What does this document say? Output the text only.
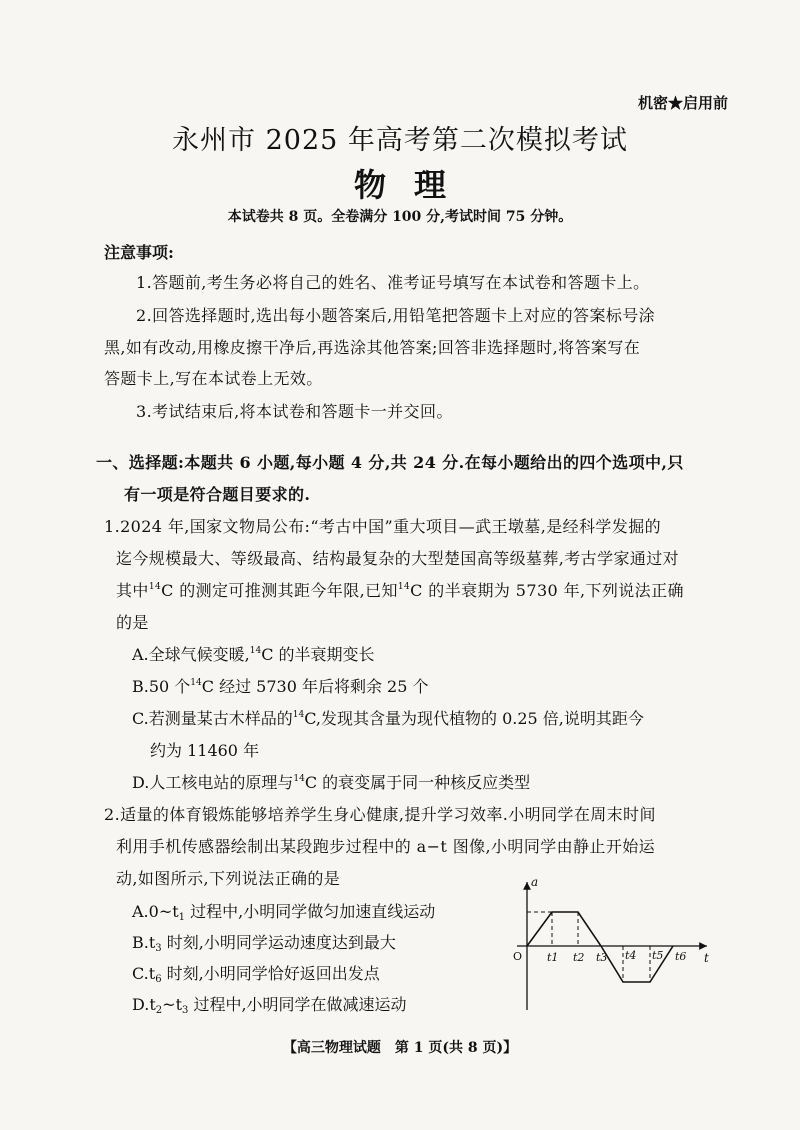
机密★启用前
永州市 2025 年高考第二次模拟考试
物理
本试卷共 8 页。全卷满分 100 分,考试时间 75 分钟。
注意事项:
1.答题前,考生务必将自己的姓名、准考证号填写在本试卷和答题卡上。
2.回答选择题时,选出每小题答案后,用铅笔把答题卡上对应的答案标号涂
黑,如有改动,用橡皮擦干净后,再选涂其他答案;回答非选择题时,将答案写在
答题卡上,写在本试卷上无效。
3.考试结束后,将本试卷和答题卡一并交回。
一、选择题:本题共 6 小题,每小题 4 分,共 24 分.在每小题给出的四个选项中,只
有一项是符合题目要求的.
1.2024 年,国家文物局公布:“考古中国”重大项目—武王墩墓,是经科学发掘的
迄今规模最大、等级最高、结构最复杂的大型楚国高等级墓葬,考古学家通过对
其中$^{14}$C 的测定可推测其距今年限,已知$^{14}$C 的半衰期为 5730 年,下列说法正确
的是
A.全球气候变暖,$^{14}$C 的半衰期变长
B.50 个$^{14}$C 经过 5730 年后将剩余 25 个
C.若测量某古木样品的$^{14}$C,发现其含量为现代植物的 0.25 倍,说明其距今
约为 11460 年
D.人工核电站的原理与$^{14}$C 的衰变属于同一种核反应类型
2.适量的体育锻炼能够培养学生身心健康,提升学习效率.小明同学在周末时间
利用手机传感器绘制出某段跑步过程中的 a−t 图像,小明同学由静止开始运
动,如图所示,下列说法正确的是
$A.0\sim t_1$ 过程中,小明同学做匀加速直线运动
$B.t_3$ 时刻,小明同学运动速度达到最大
$C.t_6$ 时刻,小明同学恰好返回出发点
$D.t_2\sim t_3$ 过程中,小明同学在做减速运动
a
t
O t1 t2 t3 t4 t5 t6
【高三物理试题　第 1 页(共 8 页)】
